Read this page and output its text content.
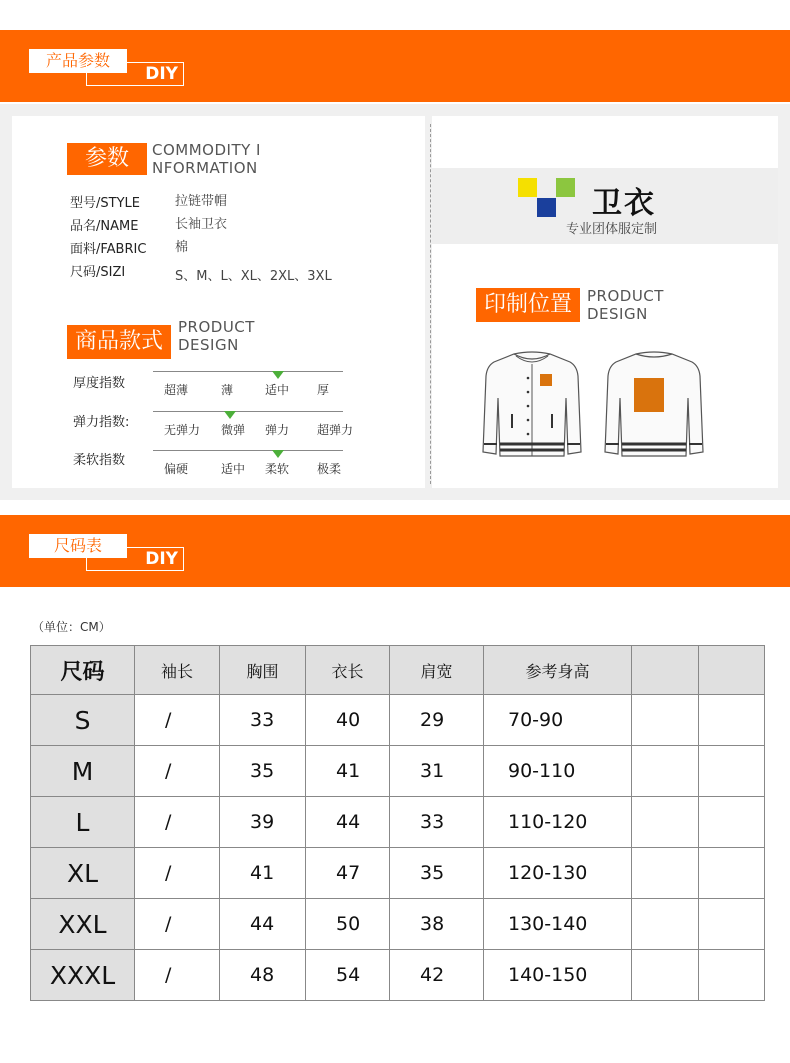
产品参数
DIY
参数	COMMODITY I
NFORMATION
型号/STYLE	拉链带帽
品名/NAME	长袖卫衣
面料/FABRIC 棉
尺码/SIZI	S、M、L、XL、2XL、3XL
商品款式
PRODUCT
DESIGN
厚度指数	超薄	薄	适中 厚
弹力指数:	无弹力 微弹 弹力 超弹力
柔软指数
偏硬	适中 柔软 极柔
卫衣
专业团体服定制
印制位置	PRODUCT
DESIGN
尺码表
DIY
（单位：CM）
尺码	袖长	胸围	衣长	肩宽	参考身高		
S	/	33	40	29	70-90		
M	/	35	41	31	90-110		
L	/	39	44	33	110-120		
XL	/	41	47	35	120-130		
XXL	/	44	50	38	130-140		
XXXL	/	48	54	42	140-150		
